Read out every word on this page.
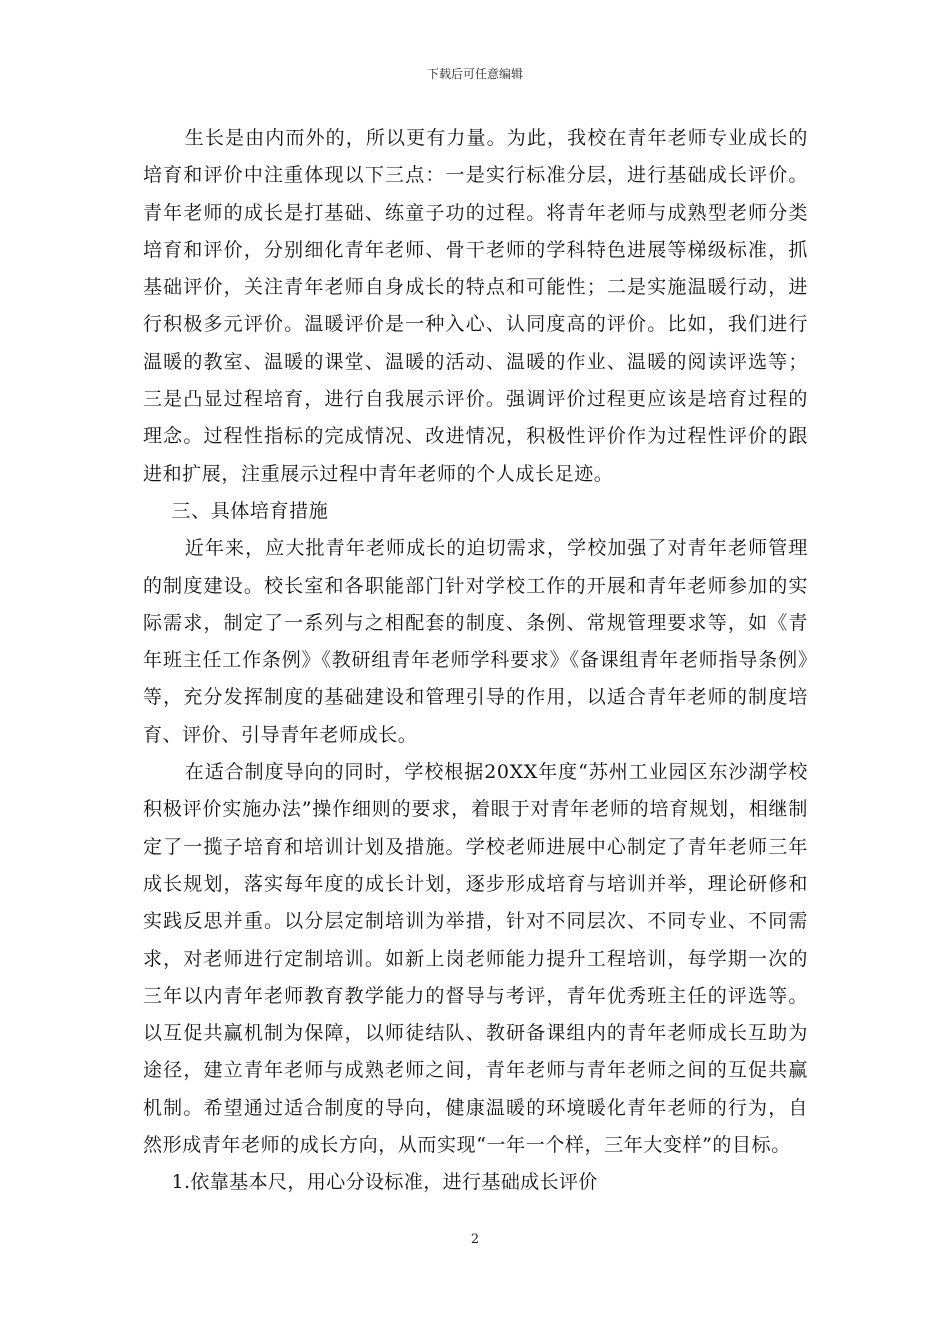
下载后可任意编辑

生长是由内而外的，所以更有力量。为此，我校在青年老师专业成长的培育和评价中注重体现以下三点：一是实行标准分层，进行基础成长评价。青年老师的成长是打基础、练童子功的过程。将青年老师与成熟型老师分类培育和评价，分别细化青年老师、骨干老师的学科特色进展等梯级标准，抓基础评价，关注青年老师自身成长的特点和可能性；二是实施温暖行动，进行积极多元评价。温暖评价是一种入心、认同度高的评价。比如，我们进行温暖的教室、温暖的课堂、温暖的活动、温暖的作业、温暖的阅读评选等；三是凸显过程培育，进行自我展示评价。强调评价过程更应该是培育过程的理念。过程性指标的完成情况、改进情况，积极性评价作为过程性评价的跟进和扩展，注重展示过程中青年老师的个人成长足迹。

三、具体培育措施

近年来，应大批青年老师成长的迫切需求，学校加强了对青年老师管理的制度建设。校长室和各职能部门针对学校工作的开展和青年老师参加的实际需求，制定了一系列与之相配套的制度、条例、常规管理要求等，如《青年班主任工作条例》《教研组青年老师学科要求》《备课组青年老师指导条例》等，充分发挥制度的基础建设和管理引导的作用，以适合青年老师的制度培育、评价、引导青年老师成长。

在适合制度导向的同时，学校根据20XX年度“苏州工业园区东沙湖学校积极评价实施办法”操作细则的要求，着眼于对青年老师的培育规划，相继制定了一揽子培育和培训计划及措施。学校老师进展中心制定了青年老师三年成长规划，落实每年度的成长计划，逐步形成培育与培训并举，理论研修和实践反思并重。以分层定制培训为举措，针对不同层次、不同专业、不同需求，对老师进行定制培训。如新上岗老师能力提升工程培训，每学期一次的三年以内青年老师教育教学能力的督导与考评，青年优秀班主任的评选等。以互促共赢机制为保障，以师徒结队、教研备课组内的青年老师成长互助为途径，建立青年老师与成熟老师之间，青年老师与青年老师之间的互促共赢机制。希望通过适合制度的导向，健康温暖的环境暖化青年老师的行为，自然形成青年老师的成长方向，从而实现“一年一个样，三年大变样”的目标。

1.依靠基本尺，用心分设标准，进行基础成长评价

2
